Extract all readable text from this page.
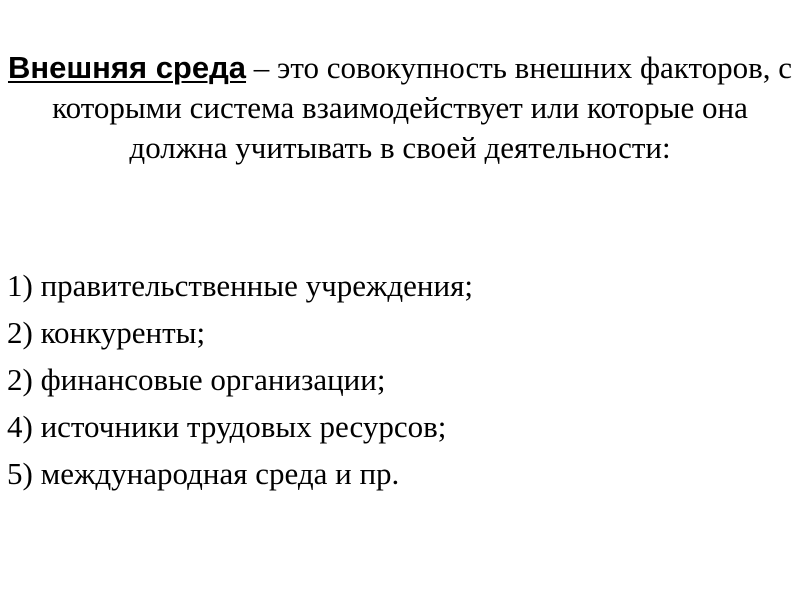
Внешняя среда – это совокупность внешних факторов, с которыми система взаимодействует или которые она должна учитывать в своей деятельности:

1) правительственные учреждения;
2) конкуренты;
2) финансовые организации;
4) источники трудовых ресурсов;
5) международная среда и пр.
